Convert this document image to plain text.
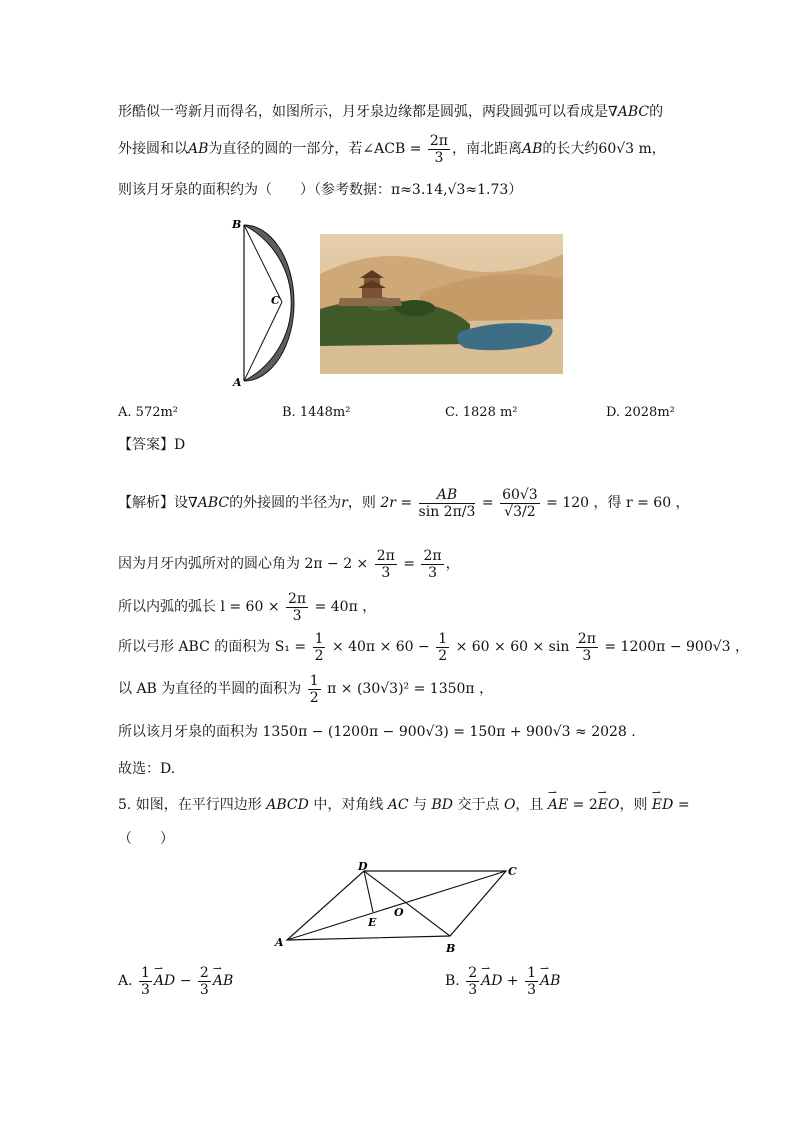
形酷似一弯新月而得名，如图所示，月牙泉边缘都是圆弧，两段圆弧可以看成是∇ABC的
外接圆和以AB为直径的圆的一部分，若∠ACB = $\frac{2\pi}{3}$ ，南北距离AB的长大约60√3 m，
则该月牙泉的面积约为（　　）（参考数据：π≈3.14,√3≈1.73）
B
C
A
A. 572m²	B. 1448m²	C. 1828 m²	D. 2028m²
【答案】D
【解析】设∇ABC的外接圆的半径为r，则 $2r = \frac{AB}{\sin 2\pi/3} = \frac{60√3}{√3/2} = 120$ ，得 r = 60 ，
因为月牙内弧所对的圆心角为 $2\pi - 2 \times \frac{2\pi}{3} = \frac{2\pi}{3}$ ，
所以内弧的弧长 $l = 60 \times \frac{2\pi}{3} = 40\pi$ ，
所以弓形 ABC 的面积为 $S_1 = \frac{1}{2} \times 40\pi \times 60 - \frac{1}{2} \times 60 \times 60 \times \sin \frac{2\pi}{3} = 1200\pi - 900√3$ ，
以 AB 为直径的半圆的面积为 $\frac{1}{2}$ π × (30√3)² = 1350π ，
所以该月牙泉的面积为 1350π − (1200π − 900√3) = 150π + 900√3 ≈ 2028 .
故选：D.
5. 如图，在平行四边形 ABCD 中，对角线 AC 与 BD 交于点 O，且 ⇀ AE = 2⇀ EO，则 ⇀ ED =
（　　）
D	C
E
O
A	B
A. $\frac{1}{3}$ ⇀ AD − $\frac{2}{3}$ ⇀ AB	B. $\frac{2}{3}$ ⇀ AD + $\frac{1}{3}$ ⇀ AB
